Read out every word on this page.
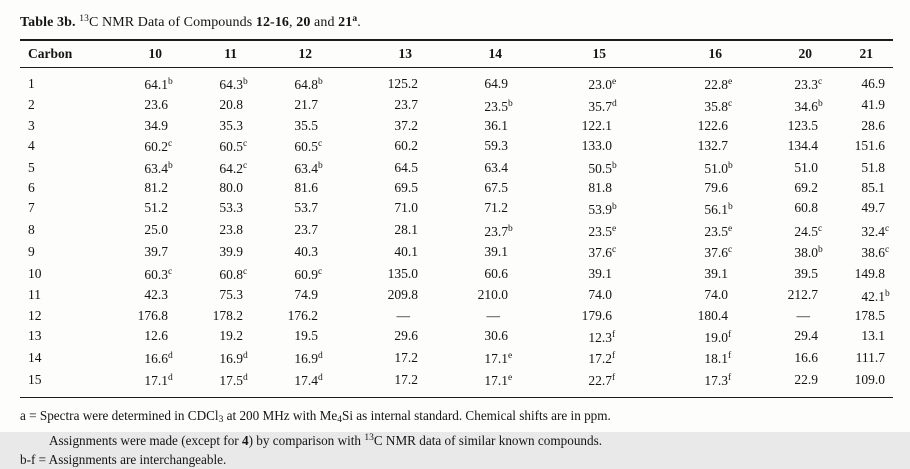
Table 3b. $^{13}$C NMR Data of Compounds 12-16, 20 and 21$^a$.

Carbon	10	11	12	13	14	15	16	20	21
1	64.1b	64.3b	64.8b	125.2	64.9	23.0e	22.8e	23.3c	46.9
2	23.6	20.8	21.7	23.7	23.5b	35.7d	35.8c	34.6b	41.9
3	34.9	35.3	35.5	37.2	36.1	122.1	122.6	123.5	28.6
4	60.2c	60.5c	60.5c	60.2	59.3	133.0	132.7	134.4	151.6
5	63.4b	64.2c	63.4b	64.5	63.4	50.5b	51.0b	51.0	51.8
6	81.2	80.0	81.6	69.5	67.5	81.8	79.6	69.2	85.1
7	51.2	53.3	53.7	71.0	71.2	53.9b	56.1b	60.8	49.7
8	25.0	23.8	23.7	28.1	23.7b	23.5e	23.5e	24.5c	32.4c
9	39.7	39.9	40.3	40.1	39.1	37.6c	37.6c	38.0b	38.6c
10	60.3c	60.8c	60.9c	135.0	60.6	39.1	39.1	39.5	149.8
11	42.3	75.3	74.9	209.8	210.0	74.0	74.0	212.7	42.1b
12	176.8	178.2	176.2	—	—	179.6	180.4	—	178.5
13	12.6	19.2	19.5	29.6	30.6	12.3f	19.0f	29.4	13.1
14	16.6d	16.9d	16.9d	17.2	17.1e	17.2f	18.1f	16.6	111.7
15	17.1d	17.5d	17.4d	17.2	17.1e	22.7f	17.3f	22.9	109.0
a = Spectra were determined in CDCl$_3$ at 200 MHz with $Me_4Si$ as internal standard. Chemical shifts are in ppm.
Assignments were made (except for 4) by comparison with $^{13}$C NMR data of similar known compounds.
b-f = Assignments are interchangeable.
